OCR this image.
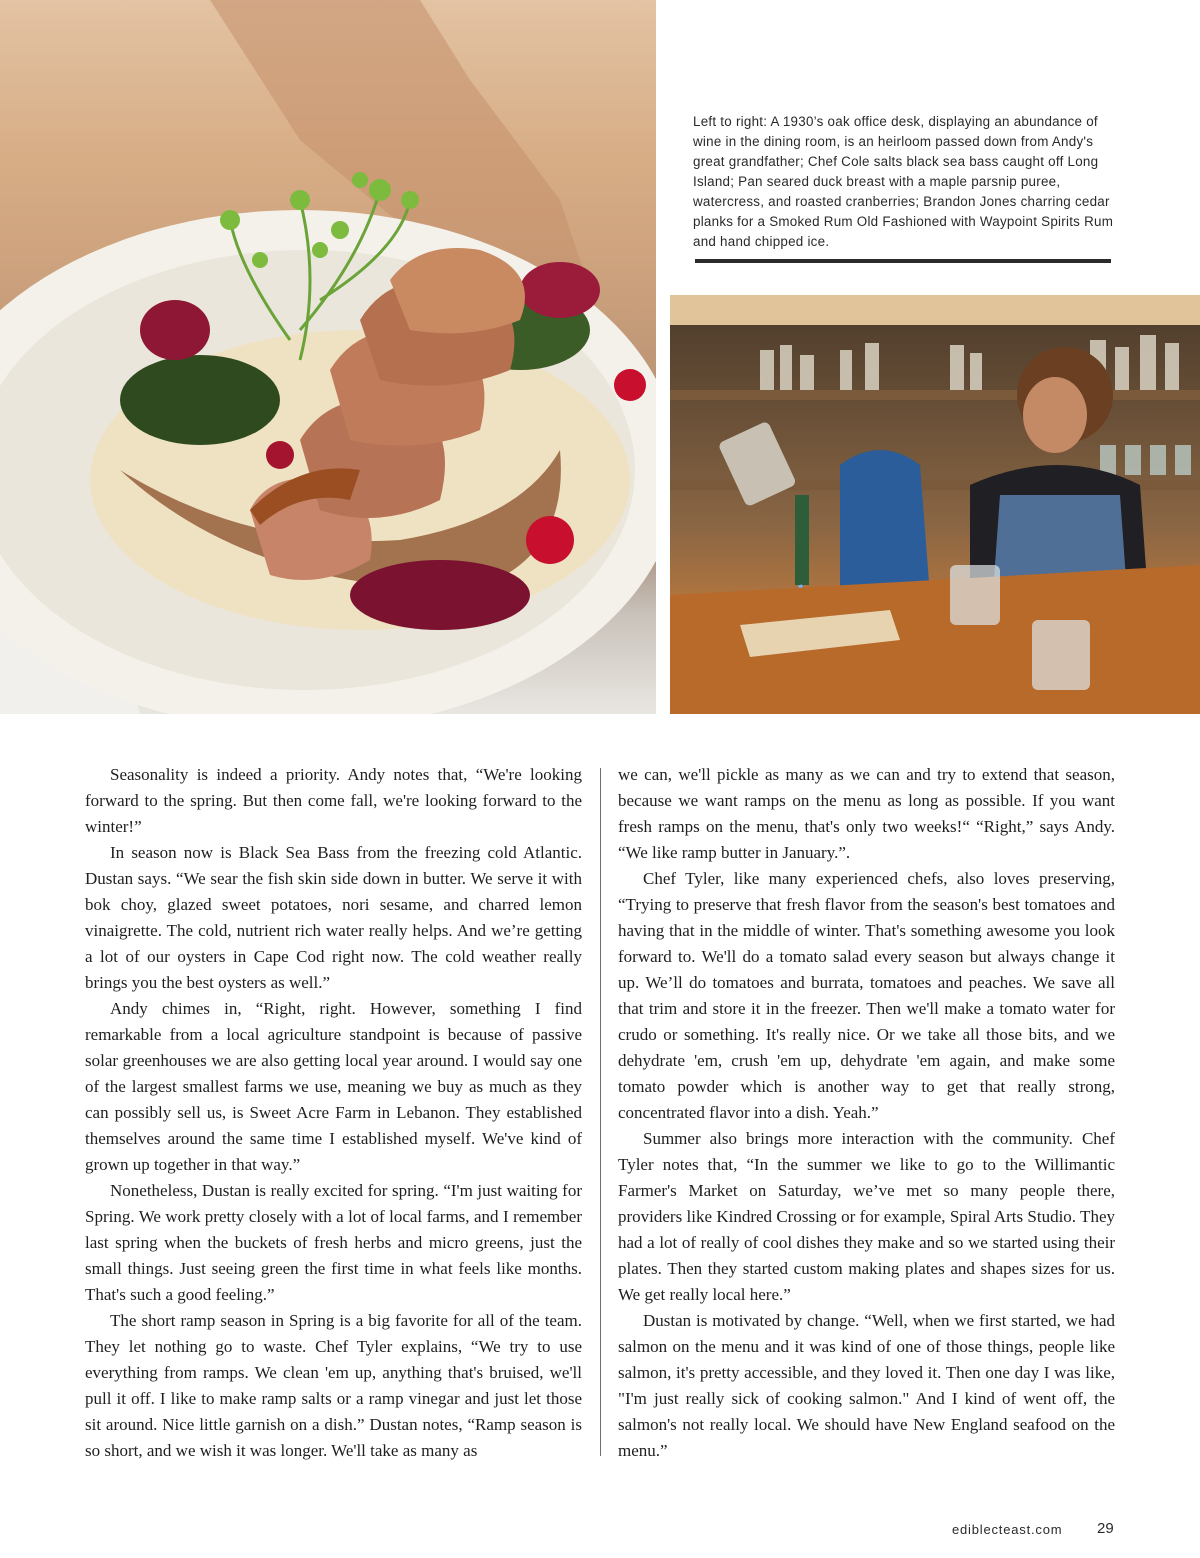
Left to right: A 1930’s oak office desk, displaying an abundance of wine in the dining room, is an heirloom passed down from Andy's great grandfather; Chef Cole salts black sea bass caught off Long Island; Pan seared duck breast with a maple parsnip puree, watercress, and roasted cranberries; Brandon Jones charring cedar planks for a Smoked Rum Old Fashioned with Waypoint Spirits Rum and hand chipped ice.

Seasonality is indeed a priority. Andy notes that, “We're looking forward to the spring. But then come fall, we're looking forward to the winter!”

In season now is Black Sea Bass from the freezing cold Atlantic. Dustan says. “We sear the fish skin side down in butter. We serve it with bok choy, glazed sweet potatoes, nori sesame, and charred lemon vinaigrette. The cold, nutrient rich water really helps. And we’re getting a lot of our oysters in Cape Cod right now. The cold weather really brings you the best oysters as well.”

Andy chimes in, “Right, right. However, something I find remarkable from a local agriculture standpoint is because of passive solar greenhouses we are also getting local year around. I would say one of the largest smallest farms we use, meaning we buy as much as they can possibly sell us, is Sweet Acre Farm in Lebanon. They established themselves around the same time I established myself. We've kind of grown up together in that way.”

Nonetheless, Dustan is really excited for spring. “I'm just waiting for Spring. We work pretty closely with a lot of local farms, and I remember last spring when the buckets of fresh herbs and micro greens, just the small things. Just seeing green the first time in what feels like months. That's such a good feeling.”

The short ramp season in Spring is a big favorite for all of the team. They let nothing go to waste. Chef Tyler explains, “We try to use everything from ramps. We clean 'em up, anything that's bruised, we'll pull it off. I like to make ramp salts or a ramp vinegar and just let those sit around. Nice little garnish on a dish.” Dustan notes, “Ramp season is so short, and we wish it was longer. We'll take as many as

we can, we'll pickle as many as we can and try to extend that season, because we want ramps on the menu as long as possible. If you want fresh ramps on the menu, that's only two weeks!“ “Right,” says Andy. “We like ramp butter in January.”.

Chef Tyler, like many experienced chefs, also loves preserving, “Trying to preserve that fresh flavor from the season's best tomatoes and having that in the middle of winter. That's something awesome you look forward to. We'll do a tomato salad every season but always change it up. We’ll do tomatoes and burrata, tomatoes and peaches. We save all that trim and store it in the freezer. Then we'll make a tomato water for crudo or something. It's really nice. Or we take all those bits, and we dehydrate 'em, crush 'em up, dehydrate 'em again, and make some tomato powder which is another way to get that really strong, concentrated flavor into a dish. Yeah.”

Summer also brings more interaction with the community. Chef Tyler notes that, “In the summer we like to go to the Willimantic Farmer's Market on Saturday, we’ve met so many people there, providers like Kindred Crossing or for example, Spiral Arts Studio. They had a lot of really of cool dishes they make and so we started using their plates. Then they started custom making plates and shapes sizes for us. We get really local here.”

Dustan is motivated by change. “Well, when we first started, we had salmon on the menu and it was kind of one of those things, people like salmon, it's pretty accessible, and they loved it. Then one day I was like, "I'm just really sick of cooking salmon." And I kind of went off, the salmon's not really local. We should have New England seafood on the menu.”

ediblecteast.com 29
